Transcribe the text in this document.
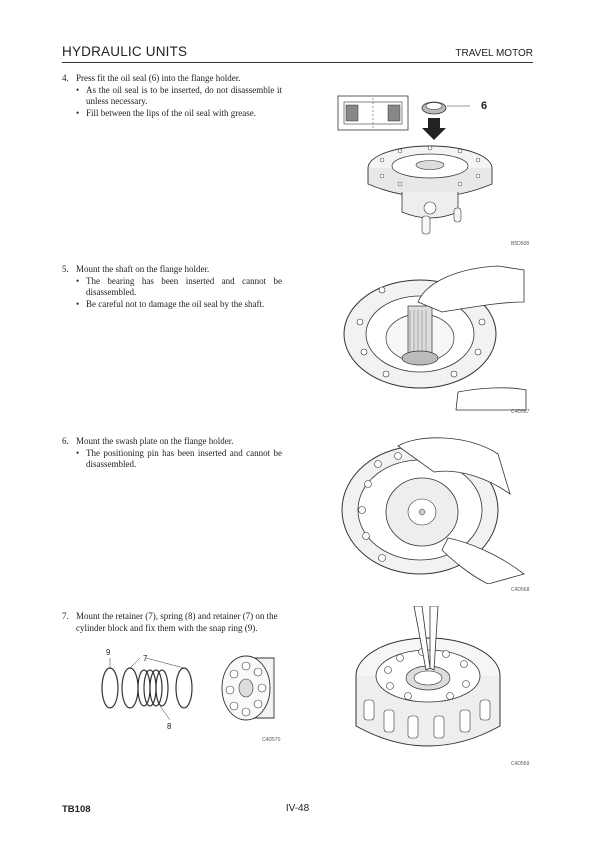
HYDRAULIC UNITS	TRAVEL MOTOR
4. Press fit the oil seal (6) into the flange holder.
• As the oil seal is to be inserted, do not disassemble it unless necessary.
• Fill between the lips of the oil seal with grease.
5. Mount the shaft on the flange holder.
• The bearing has been inserted and cannot be disassembled.
• Be careful not to damage the oil seal by the shaft.
6. Mount the swash plate on the flange holder.
• The positioning pin has been inserted and cannot be disassembled.
7. Mount the retainer (7), spring (8) and retainer (7) on the cylinder block and fix them with the snap ring (9).
6
B5D508
C4D567
C4D568
9
7
8
C4D570
C4D569
TB108	IV-48
